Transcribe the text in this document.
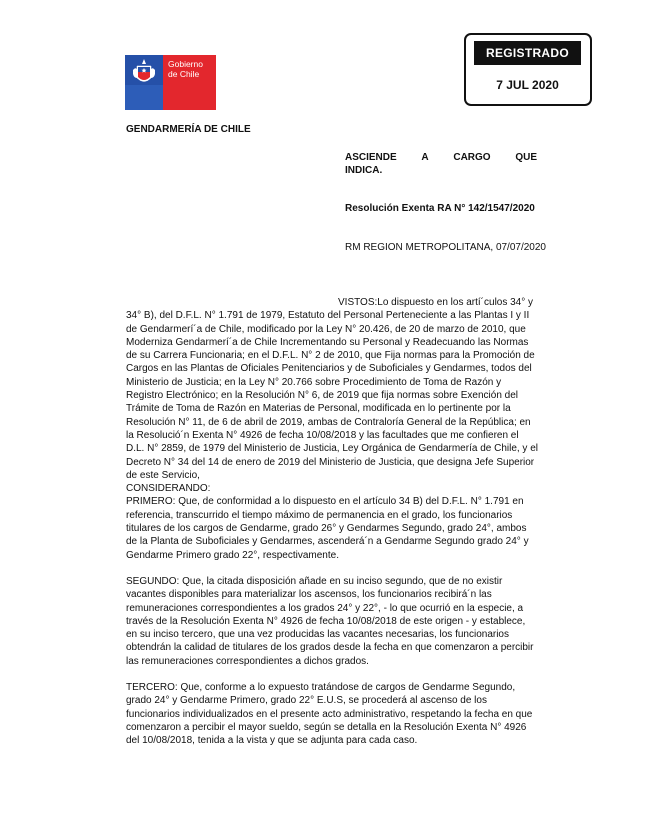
Gobierno
de Chile
REGISTRADO
7 JUL 2020
GENDARMERÍA DE CHILE
ASCIENDE A CARGO QUE
INDICA.
Resolución Exenta RA N° 142/1547/2020
RM REGION METROPOLITANA, 07/07/2020

VISTOS:Lo dispuesto en los artí´culos 34° y 34° B), del D.F.L. N° 1.791 de 1979, Estatuto del Personal Perteneciente a las Plantas I y II de Gendarmerí´a de Chile, modificado por la Ley N° 20.426, de 20 de marzo de 2010, que Moderniza Gendarmerí´a de Chile Incrementando su Personal y Readecuando las Normas de su Carrera Funcionaria; en el D.F.L. N° 2 de 2010, que Fija normas para la Promoción de Cargos en las Plantas de Oficiales Penitenciarios y de Suboficiales y Gendarmes, todos del Ministerio de Justicia; en la Ley N° 20.766 sobre Procedimiento de Toma de Razón y Registro Electrónico; en la Resolución N° 6, de 2019 que fija normas sobre Exención del Trámite de Toma de Razón en Materias de Personal, modificada en lo pertinente por la Resolución N° 11, de 6 de abril de 2019, ambas de Contraloría General de la República; en la Resolució´n Exenta N° 4926 de fecha 10/08/2018 y las facultades que me confieren el D.L. N° 2859, de 1979 del Ministerio de Justicia, Ley Orgánica de Gendarmería de Chile, y el Decreto N° 34 del 14 de enero de 2019 del Ministerio de Justicia, que designa Jefe Superior de este Servicio,

CONSIDERANDO:

PRIMERO: Que, de conformidad a lo dispuesto en el artículo 34 B) del D.F.L. N° 1.791 en referencia, transcurrido el tiempo máximo de permanencia en el grado, los funcionarios titulares de los cargos de Gendarme, grado 26° y Gendarmes Segundo, grado 24°, ambos de la Planta de Suboficiales y Gendarmes, ascenderá´n a Gendarme Segundo grado 24° y Gendarme Primero grado 22°, respectivamente.

SEGUNDO: Que, la citada disposición añade en su inciso segundo, que de no existir vacantes disponibles para materializar los ascensos, los funcionarios recibirá´n las remuneraciones correspondientes a los grados 24° y 22°, - lo que ocurrió en la especie, a través de la Resolución Exenta N° 4926 de fecha 10/08/2018 de este origen - y establece, en su inciso tercero, que una vez producidas las vacantes necesarias, los funcionarios obtendrán la calidad de titulares de los grados desde la fecha en que comenzaron a percibir las remuneraciones correspondientes a dichos grados.

TERCERO: Que, conforme a lo expuesto tratándose de cargos de Gendarme Segundo, grado 24° y Gendarme Primero, grado 22° E.U.S, se procederá al ascenso de los funcionarios individualizados en el presente acto administrativo, respetando la fecha en que comenzaron a percibir el mayor sueldo, según se detalla en la Resolución Exenta N° 4926 del 10/08/2018, tenida a la vista y que se adjunta para cada caso.
